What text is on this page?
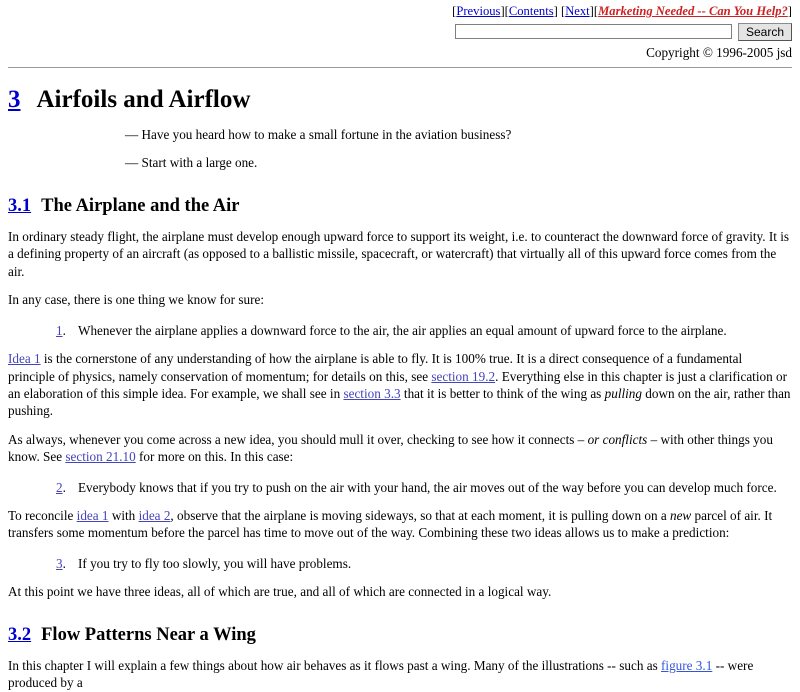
[Previous][Contents] [Next][Marketing Needed -- Can You Help?]
Search
Copyright © 1996-2005 jsd
3 Airfoils and Airflow

— Have you heard how to make a small fortune in the aviation business?

— Start with a large one.

3.1 The Airplane and the Air

In ordinary steady flight, the airplane must develop enough upward force to support its weight, i.e. to counteract the downward force of gravity. It is a defining property of an aircraft (as opposed to a ballistic missile, spacecraft, or watercraft) that virtually all of this upward force comes from the air.

In any case, there is one thing we know for sure:

1. Whenever the airplane applies a downward force to the air, the air applies an equal amount of upward force to the airplane.

Idea 1 is the cornerstone of any understanding of how the airplane is able to fly. It is 100% true. It is a direct consequence of a fundamental principle of physics, namely conservation of momentum; for details on this, see section 19.2. Everything else in this chapter is just a clarification or an elaboration of this simple idea. For example, we shall see in section 3.3 that it is better to think of the wing as pulling down on the air, rather than pushing.

As always, whenever you come across a new idea, you should mull it over, checking to see how it connects – or conflicts – with other things you know. See section 21.10 for more on this. In this case:

2. Everybody knows that if you try to push on the air with your hand, the air moves out of the way before you can develop much force.

To reconcile idea 1 with idea 2, observe that the airplane is moving sideways, so that at each moment, it is pulling down on a new parcel of air. It transfers some momentum before the parcel has time to move out of the way. Combining these two ideas allows us to make a prediction:

3. If you try to fly too slowly, you will have problems.

At this point we have three ideas, all of which are true, and all of which are connected in a logical way.

3.2 Flow Patterns Near a Wing

In this chapter I will explain a few things about how air behaves as it flows past a wing. Many of the illustrations -- such as figure 3.1 -- were produced by a
